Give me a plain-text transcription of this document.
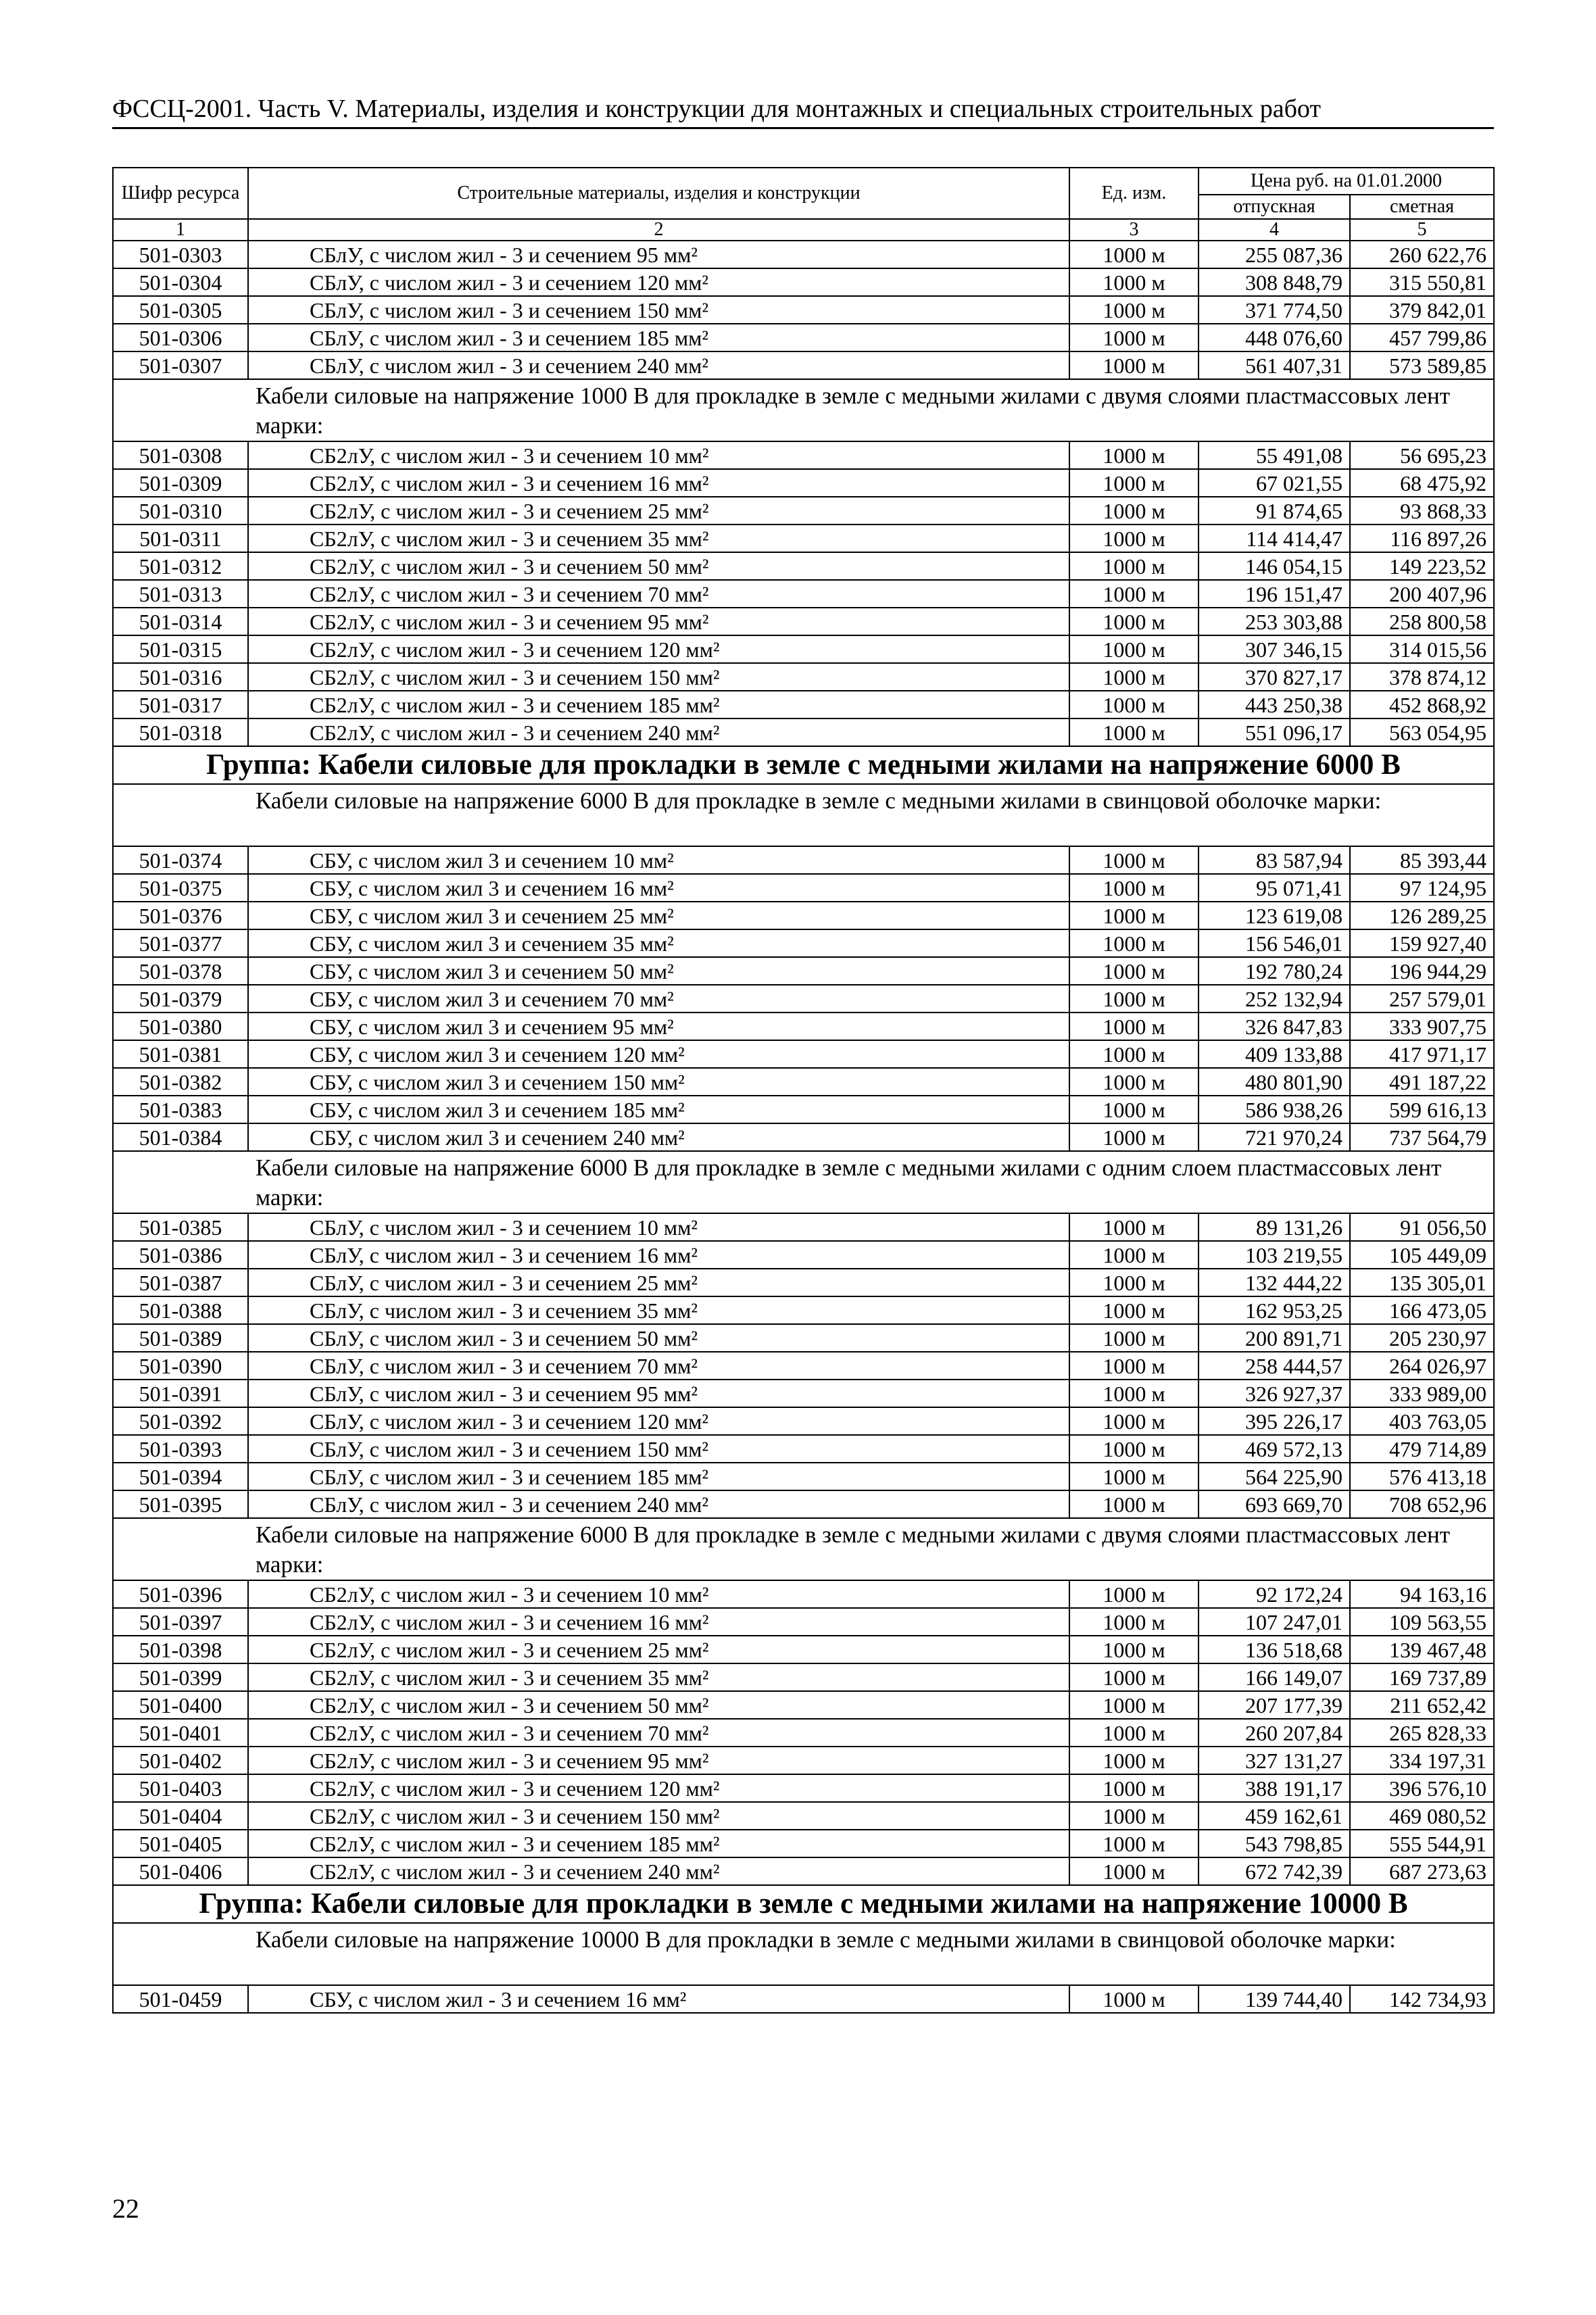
ФССЦ-2001. Часть V. Материалы, изделия и конструкции для монтажных и специальных строительных работ
Шифр ресурса	Строительные материалы, изделия и конструкции	Ед. изм.	Цена руб. на 01.01.2000	
			отпускная	сметная
1	2	3	4	5
501-0303	СБлУ, с числом жил - 3 и сечением 95 мм²	1000 м	255 087,36	260 622,76
501-0304	СБлУ, с числом жил - 3 и сечением 120 мм²	1000 м	308 848,79	315 550,81
501-0305	СБлУ, с числом жил - 3 и сечением 150 мм²	1000 м	371 774,50	379 842,01
501-0306	СБлУ, с числом жил - 3 и сечением 185 мм²	1000 м	448 076,60	457 799,86
501-0307	СБлУ, с числом жил - 3 и сечением 240 мм²	1000 м	561 407,31	573 589,85
Кабели силовые на напряжение 1000 В для прокладке в земле с медными жилами с двумя слоями пластмассовых лент марки:				
501-0308	СБ2лУ, с числом жил - 3 и сечением 10 мм²	1000 м	55 491,08	56 695,23
501-0309	СБ2лУ, с числом жил - 3 и сечением 16 мм²	1000 м	67 021,55	68 475,92
501-0310	СБ2лУ, с числом жил - 3 и сечением 25 мм²	1000 м	91 874,65	93 868,33
501-0311	СБ2лУ, с числом жил - 3 и сечением 35 мм²	1000 м	114 414,47	116 897,26
501-0312	СБ2лУ, с числом жил - 3 и сечением 50 мм²	1000 м	146 054,15	149 223,52
501-0313	СБ2лУ, с числом жил - 3 и сечением 70 мм²	1000 м	196 151,47	200 407,96
501-0314	СБ2лУ, с числом жил - 3 и сечением 95 мм²	1000 м	253 303,88	258 800,58
501-0315	СБ2лУ, с числом жил - 3 и сечением 120 мм²	1000 м	307 346,15	314 015,56
501-0316	СБ2лУ, с числом жил - 3 и сечением 150 мм²	1000 м	370 827,17	378 874,12
501-0317	СБ2лУ, с числом жил - 3 и сечением 185 мм²	1000 м	443 250,38	452 868,92
501-0318	СБ2лУ, с числом жил - 3 и сечением 240 мм²	1000 м	551 096,17	563 054,95
Группа: Кабели силовые для прокладки в земле с медными жилами на напряжение 6000 В				
Кабели силовые на напряжение 6000 В для прокладке в земле с медными жилами в свинцовой оболочке марки:				
501-0374	СБУ, с числом жил 3 и сечением 10 мм²	1000 м	83 587,94	85 393,44
501-0375	СБУ, с числом жил 3 и сечением 16 мм²	1000 м	95 071,41	97 124,95
501-0376	СБУ, с числом жил 3 и сечением 25 мм²	1000 м	123 619,08	126 289,25
501-0377	СБУ, с числом жил 3 и сечением 35 мм²	1000 м	156 546,01	159 927,40
501-0378	СБУ, с числом жил 3 и сечением 50 мм²	1000 м	192 780,24	196 944,29
501-0379	СБУ, с числом жил 3 и сечением 70 мм²	1000 м	252 132,94	257 579,01
501-0380	СБУ, с числом жил 3 и сечением 95 мм²	1000 м	326 847,83	333 907,75
501-0381	СБУ, с числом жил 3 и сечением 120 мм²	1000 м	409 133,88	417 971,17
501-0382	СБУ, с числом жил 3 и сечением 150 мм²	1000 м	480 801,90	491 187,22
501-0383	СБУ, с числом жил 3 и сечением 185 мм²	1000 м	586 938,26	599 616,13
501-0384	СБУ, с числом жил 3 и сечением 240 мм²	1000 м	721 970,24	737 564,79
Кабели силовые на напряжение 6000 В для прокладке в земле с медными жилами с одним слоем пластмассовых лент марки:				
501-0385	СБлУ, с числом жил - 3 и сечением 10 мм²	1000 м	89 131,26	91 056,50
501-0386	СБлУ, с числом жил - 3 и сечением 16 мм²	1000 м	103 219,55	105 449,09
501-0387	СБлУ, с числом жил - 3 и сечением 25 мм²	1000 м	132 444,22	135 305,01
501-0388	СБлУ, с числом жил - 3 и сечением 35 мм²	1000 м	162 953,25	166 473,05
501-0389	СБлУ, с числом жил - 3 и сечением 50 мм²	1000 м	200 891,71	205 230,97
501-0390	СБлУ, с числом жил - 3 и сечением 70 мм²	1000 м	258 444,57	264 026,97
501-0391	СБлУ, с числом жил - 3 и сечением 95 мм²	1000 м	326 927,37	333 989,00
501-0392	СБлУ, с числом жил - 3 и сечением 120 мм²	1000 м	395 226,17	403 763,05
501-0393	СБлУ, с числом жил - 3 и сечением 150 мм²	1000 м	469 572,13	479 714,89
501-0394	СБлУ, с числом жил - 3 и сечением 185 мм²	1000 м	564 225,90	576 413,18
501-0395	СБлУ, с числом жил - 3 и сечением 240 мм²	1000 м	693 669,70	708 652,96
Кабели силовые на напряжение 6000 В для прокладке в земле с медными жилами с двумя слоями пластмассовых лент марки:				
501-0396	СБ2лУ, с числом жил - 3 и сечением 10 мм²	1000 м	92 172,24	94 163,16
501-0397	СБ2лУ, с числом жил - 3 и сечением 16 мм²	1000 м	107 247,01	109 563,55
501-0398	СБ2лУ, с числом жил - 3 и сечением 25 мм²	1000 м	136 518,68	139 467,48
501-0399	СБ2лУ, с числом жил - 3 и сечением 35 мм²	1000 м	166 149,07	169 737,89
501-0400	СБ2лУ, с числом жил - 3 и сечением 50 мм²	1000 м	207 177,39	211 652,42
501-0401	СБ2лУ, с числом жил - 3 и сечением 70 мм²	1000 м	260 207,84	265 828,33
501-0402	СБ2лУ, с числом жил - 3 и сечением 95 мм²	1000 м	327 131,27	334 197,31
501-0403	СБ2лУ, с числом жил - 3 и сечением 120 мм²	1000 м	388 191,17	396 576,10
501-0404	СБ2лУ, с числом жил - 3 и сечением 150 мм²	1000 м	459 162,61	469 080,52
501-0405	СБ2лУ, с числом жил - 3 и сечением 185 мм²	1000 м	543 798,85	555 544,91
501-0406	СБ2лУ, с числом жил - 3 и сечением 240 мм²	1000 м	672 742,39	687 273,63
Группа: Кабели силовые для прокладки в земле с медными жилами на напряжение 10000 В				
Кабели силовые на напряжение 10000 В для прокладки в земле с медными жилами в свинцовой оболочке марки:				
501-0459	СБУ, с числом жил - 3 и сечением 16 мм²	1000 м	139 744,40	142 734,93
22
